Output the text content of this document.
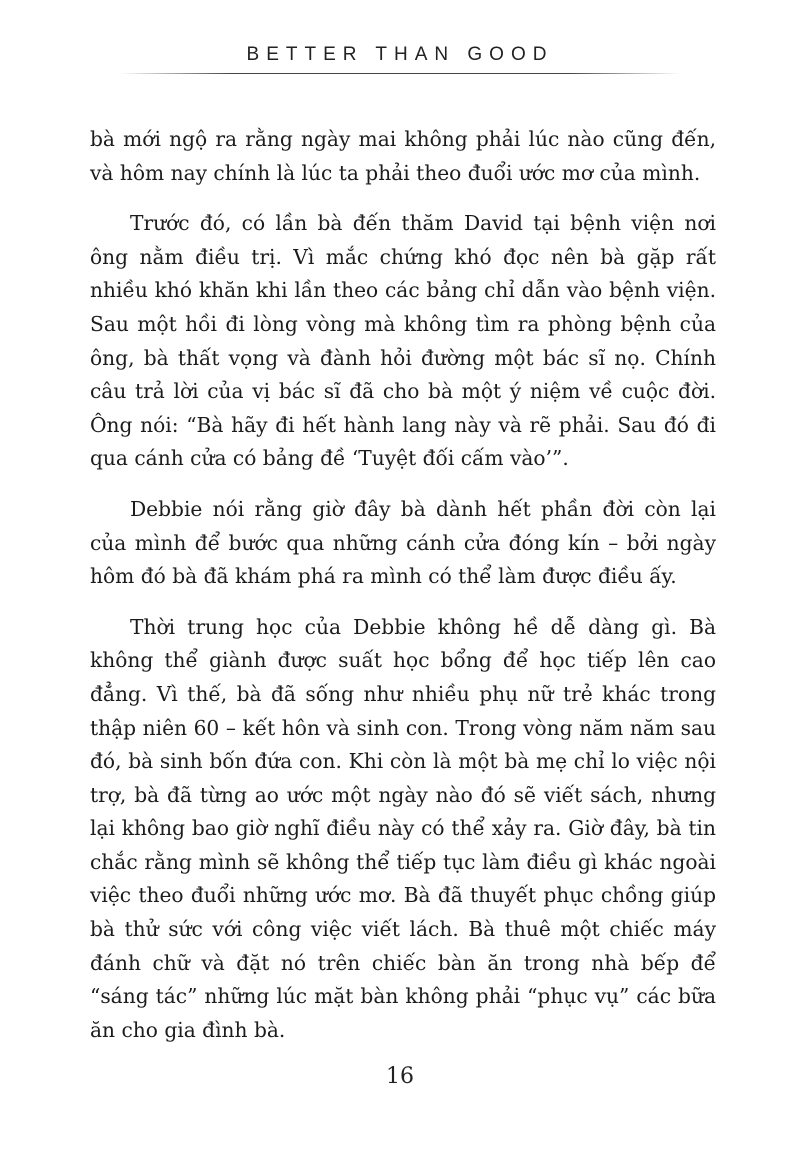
BETTER THAN GOOD

bà mới ngộ ra rằng ngày mai không phải lúc nào cũng đến, và hôm nay chính là lúc ta phải theo đuổi ước mơ của mình.

Trước đó, có lần bà đến thăm David tại bệnh viện nơi ông nằm điều trị. Vì mắc chứng khó đọc nên bà gặp rất nhiều khó khăn khi lần theo các bảng chỉ dẫn vào bệnh viện. Sau một hồi đi lòng vòng mà không tìm ra phòng bệnh của ông, bà thất vọng và đành hỏi đường một bác sĩ nọ. Chính câu trả lời của vị bác sĩ đã cho bà một ý niệm về cuộc đời. Ông nói: “Bà hãy đi hết hành lang này và rẽ phải. Sau đó đi qua cánh cửa có bảng đề ‘Tuyệt đối cấm vào’”.

Debbie nói rằng giờ đây bà dành hết phần đời còn lại của mình để bước qua những cánh cửa đóng kín – bởi ngày hôm đó bà đã khám phá ra mình có thể làm được điều ấy.

Thời trung học của Debbie không hề dễ dàng gì. Bà không thể giành được suất học bổng để học tiếp lên cao đẳng. Vì thế, bà đã sống như nhiều phụ nữ trẻ khác trong thập niên 60 – kết hôn và sinh con. Trong vòng năm năm sau đó, bà sinh bốn đứa con. Khi còn là một bà mẹ chỉ lo việc nội trợ, bà đã từng ao ước một ngày nào đó sẽ viết sách, nhưng lại không bao giờ nghĩ điều này có thể xảy ra. Giờ đây, bà tin chắc rằng mình sẽ không thể tiếp tục làm điều gì khác ngoài việc theo đuổi những ước mơ. Bà đã thuyết phục chồng giúp bà thử sức với công việc viết lách. Bà thuê một chiếc máy đánh chữ và đặt nó trên chiếc bàn ăn trong nhà bếp để “sáng tác” những lúc mặt bàn không phải “phục vụ” các bữa ăn cho gia đình bà.

16
